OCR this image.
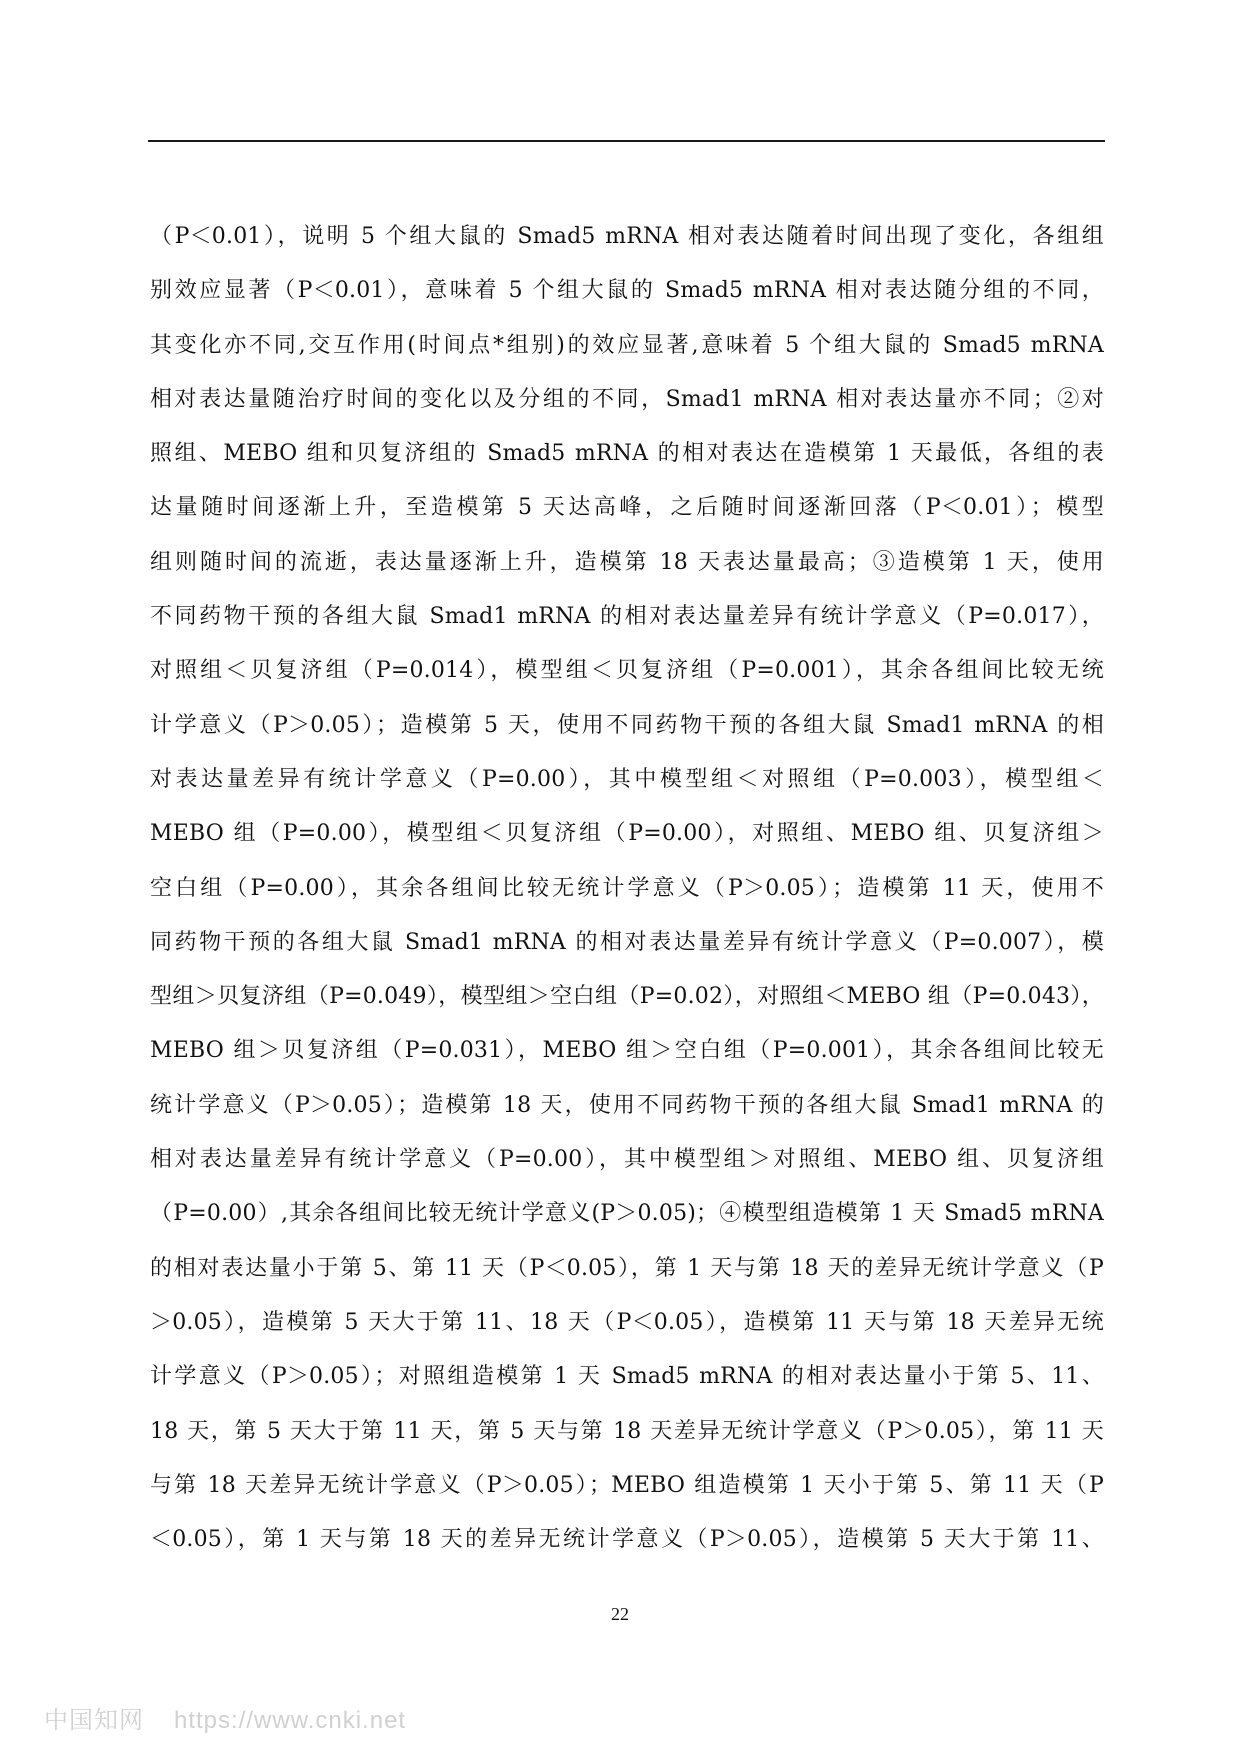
（P＜0.01），说明 5 个组大鼠的 Smad5 mRNA 相对表达随着时间出现了变化，各组组
别效应显著（P＜0.01），意味着 5 个组大鼠的 Smad5 mRNA 相对表达随分组的不同，
其变化亦不同,交互作用(时间点*组别)的效应显著,意味着 5 个组大鼠的 Smad5 mRNA
相对表达量随治疗时间的变化以及分组的不同，Smad1 mRNA 相对表达量亦不同；②对
照组、MEBO 组和贝复济组的 Smad5 mRNA 的相对表达在造模第 1 天最低，各组的表
达量随时间逐渐上升，至造模第 5 天达高峰，之后随时间逐渐回落（P＜0.01）；模型
组则随时间的流逝，表达量逐渐上升，造模第 18 天表达量最高；③造模第 1 天，使用
不同药物干预的各组大鼠 Smad1 mRNA 的相对表达量差异有统计学意义（P=0.017），
对照组＜贝复济组（P=0.014），模型组＜贝复济组（P=0.001），其余各组间比较无统
计学意义（P＞0.05）；造模第 5 天，使用不同药物干预的各组大鼠 Smad1 mRNA 的相
对表达量差异有统计学意义（P=0.00），其中模型组＜对照组（P=0.003），模型组＜
MEBO 组（P=0.00），模型组＜贝复济组（P=0.00），对照组、MEBO 组、贝复济组＞
空白组（P=0.00），其余各组间比较无统计学意义（P＞0.05）；造模第 11 天，使用不
同药物干预的各组大鼠 Smad1 mRNA 的相对表达量差异有统计学意义（P=0.007），模
型组＞贝复济组（P=0.049），模型组＞空白组（P=0.02），对照组＜MEBO 组（P=0.043），
MEBO 组＞贝复济组（P=0.031），MEBO 组＞空白组（P=0.001），其余各组间比较无
统计学意义（P＞0.05）；造模第 18 天，使用不同药物干预的各组大鼠 Smad1 mRNA 的
相对表达量差异有统计学意义（P=0.00），其中模型组＞对照组、MEBO 组、贝复济组
（P=0.00）,其余各组间比较无统计学意义(P＞0.05)；④模型组造模第 1 天 Smad5 mRNA
的相对表达量小于第 5、第 11 天（P＜0.05），第 1 天与第 18 天的差异无统计学意义（P
＞0.05），造模第 5 天大于第 11、18 天（P＜0.05），造模第 11 天与第 18 天差异无统
计学意义（P＞0.05）；对照组造模第 1 天 Smad5 mRNA 的相对表达量小于第 5、11、
18 天，第 5 天大于第 11 天，第 5 天与第 18 天差异无统计学意义（P＞0.05），第 11 天
与第 18 天差异无统计学意义（P＞0.05）；MEBO 组造模第 1 天小于第 5、第 11 天（P
＜0.05），第 1 天与第 18 天的差异无统计学意义（P＞0.05），造模第 5 天大于第 11、
22
中国知网 https://www.cnki.net
